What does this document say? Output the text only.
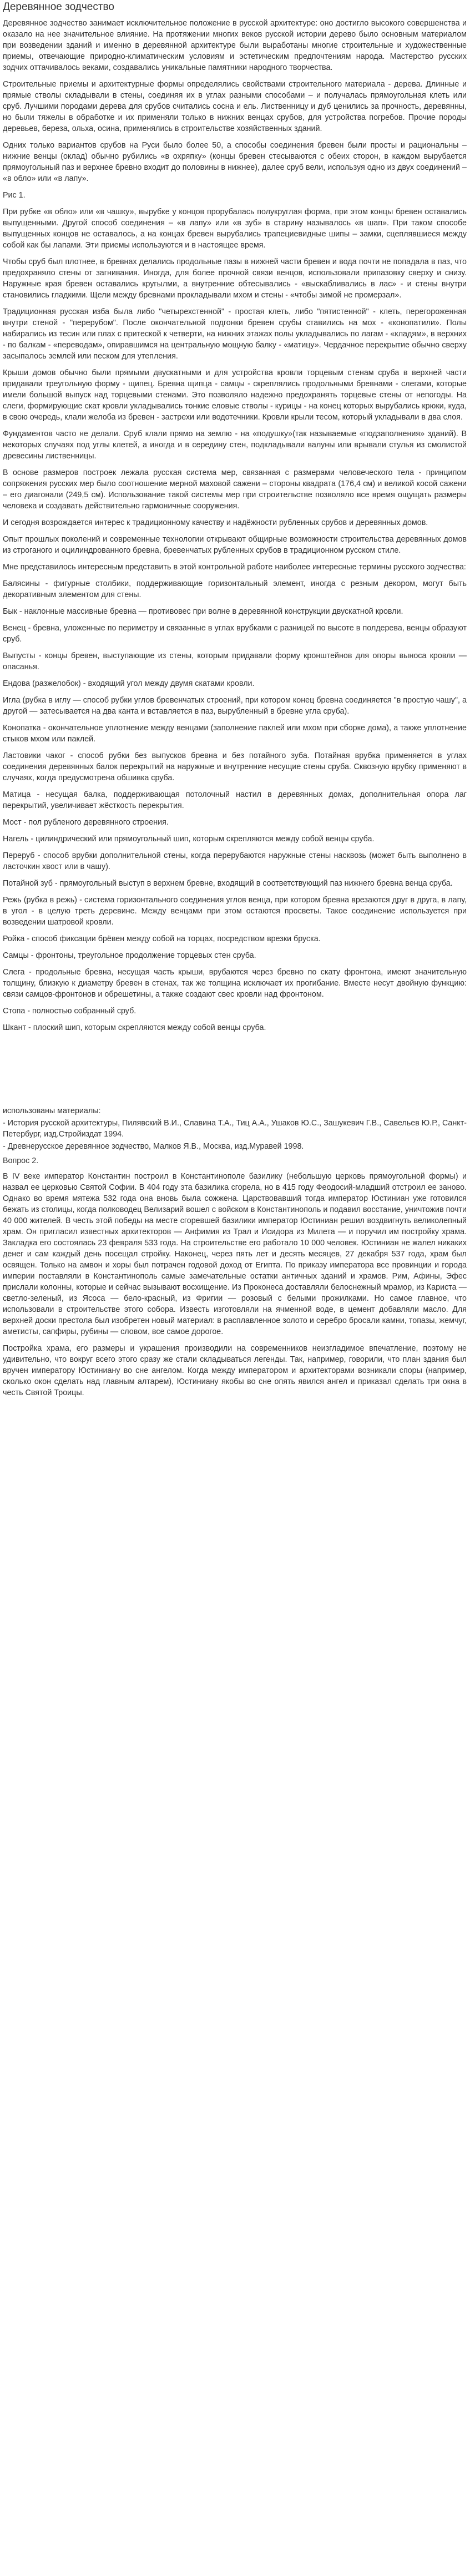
Деревянное зодчество

Деревянное зодчество занимает исключительное положение в русской архитектуре: оно достигло высокого совершенства и оказало на нее значительное влияние. На протяжении многих веков русской истории дерево было основным материалом при возведении зданий и именно в деревянной архитектуре были выработаны многие строительные и художественные приемы, отвечающие природно-климатическим условиям и эстетическим предпочтениям народа. Мастерство русских зодчих оттачивалось веками, создавались уникальные памятники народного творчества.

Строительные приемы и архитектурные формы определялись свойствами строительного материала - дерева. Длинные и прямые стволы складывали в стены, соединяя их в углах разными способами – и получалась прямоугольная клеть или сруб. Лучшими породами дерева для срубов считались сосна и ель. Лиственницу и дуб ценились за прочность, деревянны, но были тяжелы в обработке и их применяли только в нижних венцах срубов, для устройства погребов. Прочие породы деревьев, береза, ольха, осина, применялись в строительстве хозяйственных зданий.

Одних только вариантов срубов на Руси было более 50, а способы соединения бревен были просты и рациональны – нижние венцы (оклад) обычно рубились «в охряпку» (концы бревен стесываются с обеих сторон, в каждом вырубается прямоугольный паз и верхнее бревно входит до половины в нижнее), далее сруб вели, используя одно из двух соединений – «в обло» или «в лапу».

Рис 1.

При рубке «в обло» или «в чашку», вырубке у концов прорубалась полукруглая форма, при этом концы бревен оставались выпущенными. Другой способ соединения – «в лапу» или «в зуб» в старину называлось «в шап». При таком способе выпущенных концов не оставалось, а на концах бревен вырубались трапециевидные шипы – замки, сцеплявшиеся между собой как бы лапами. Эти приемы используются и в настоящее время.

Чтобы сруб был плотнее, в бревнах делались продольные пазы в нижней части бревен и вода почти не попадала в паз, что предохраняло стены от загнивания. Иногда, для более прочной связи венцов, использовали припазовку сверху и снизу. Наружные края бревен оставались кругылми, а внутренние обтесывались - «выскабливались в лас» - и стены внутри становились гладкими. Щели между бревнами прокладывали мхом и стены - «чтобы зимой не промерзал».

Традиционная русская изба была либо "четырехстенной" - простая клеть, либо "пятистенной" - клеть, перегороженная внутри стеной - "перерубом". После окончательной подгонки бревен срубы ставились на мох - «конопатили». Полы набирались из тесин или плах с притеской к четверти, на нижних этажах полы укладывались по лагам - «кладям», в верхних - по балкам - «переводам», опиравшимся на центральную мощную балку - «матицу». Чердачное перекрытие обычно сверху засыпалось землей или песком для утепления.

Крыши домов обычно были прямыми двускатными и для устройства кровли торцевым стенам сруба в верхней части придавали треугольную форму - щипец. Бревна щипца - самцы - скреплялись продольными бревнами - слегами, которые имели большой выпуск над торцевыми стенами. Это позволяло надежно предохранять торцевые стены от непогоды. На слеги, формирующие скат кровли укладывались тонкие еловые стволы - курицы - на конец которых вырубались крюки, куда, в свою очередь, клали желоба из бревен - застрехи или водотечники. Кровли крыли тесом, который укладывали в два слоя.

Фундаментов часто не делали. Сруб клали прямо на землю - на «подушку»(так называемые «подзаполнения» зданий). В некоторых случаях под углы клетей, а иногда и в середину стен, подкладывали валуны или врывали стулья из смолистой древесины лиственницы.

В основе размеров построек лежала русская система мер, связанная с размерами человеческого тела - принципом сопряжения русских мер было соотношение мерной маховой сажени – стороны квадрата (176,4 см) и великой косой сажени – его диагонали (249,5 см). Использование такой системы мер при строительстве позволяло все время ощущать размеры человека и создавать действительно гармоничные сооружения.

И сегодня возрождается интерес к традиционному качеству и надёжности рубленных срубов и деревянных домов.

Опыт прошлых поколений и современные технологии открывают общирные возможности строительства деревянных домов из строганого и оцилиндрованного бревна, бревенчатых рубленных срубов в традиционном русском стиле.

Мне представилось интересным представить в этой контрольной работе наиболее интересные термины русского зодчества:

Балясины - фигурные столбики, поддерживающие горизонтальный элемент, иногда с резным декором, могут быть декоративным элементом для стены.

Бык - наклонные массивные бревна — противовес при волне в деревянной конструкции двускатной кровли.

Венец - бревна, уложенные по периметру и связанные в углах врубками с разницей по высоте в полдерева, венцы образуют сруб.

Выпусты - концы бревен, выступающие из стены, которым придавали форму кронштейнов для опоры выноса кровли — опасанья.

Ендова (разжелобок) - входящий угол между двумя скатами кровли.

Игла (рубка в иглу — способ рубки углов бревенчатых строений, при котором конец бревна соединяется "в простую чашу", а другой — затесывается на два канта и вставляется в паз, вырубленный в бревне угла сруба).

Конопатка - окончательное уплотнение между венцами (заполнение паклей или мхом при сборке дома), а также уплотнение стыков мхом или паклей.

Ластовики чаког - способ рубки без выпусков бревна и без потайного зуба. Потайная врубка применяется в углах соединения деревянных балок перекрытий на наружные и внутренние несущие стены сруба. Сквозную врубку применяют в случаях, когда предусмотрена обшивка сруба.

Матица - несущая балка, поддерживающая потолочный настил в деревянных домах, дополнительная опора лаг перекрытий, увеличивает жёсткость перекрытия.

Мост - пол рубленого деревянного строения.

Нагель - цилиндрический или прямоугольный шип, которым скрепляются между собой венцы сруба.

Переруб - способ врубки дополнительной стены, когда перерубаются наружные стены насквозь (может быть выполнено в ласточкин хвост или в чашу).

Потайной зуб - прямоугольный выступ в верхнем бревне, входящий в соответствующий паз нижнего бревна венца сруба.

Режь (рубка в режь) - система горизонтального соединения углов венца, при котором бревна врезаются друг в друга, в лапу, в угол - в целую треть деревине. Между венцами при этом остаются просветы. Такое соединение используется при возведении шатровой кровли.

Ройка - способ фиксации брёвен между собой на торцах, посредством врезки бруска.

Самцы - фронтоны, треугольное продолжение торцевых стен сруба.

Слега - продольные бревна, несущая часть крыши, врубаются через бревно по скату фронтона, имеют значительную толщину, близкую к диаметру бревен в стенах, так же толщина исключает их прогибание. Вместе несут двойную функцию: связи самцов-фронтонов и обрешетины, а также создают свес кровли над фронтоном.

Стопа - полностью собранный сруб.

Шкант - плоский шип, которым скрепляются между собой венцы сруба.

использованы материалы:

- История русской архитектуры, Пилявский В.И., Славина Т.А., Тиц А.А., Ушаков Ю.С., Зашукевич Г.В., Савельев Ю.Р., Санкт-Петербург, изд.Стройиздат 1994.

- Древнерусское деревянное зодчество, Малков Я.В., Москва, изд.Муравей 1998.

Вопрос 2.

В IV веке император Константин построил в Константинополе базилику (небольшую церковь прямоугольной формы) и назвал ее церковью Святой Софии. В 404 году эта базилика сгорела, но в 415 году Феодосий-младший отстроил ее заново. Однако во время мятежа 532 года она вновь была сожжена. Царствовавший тогда император Юстиниан уже готовился бежать из столицы, когда полководец Велизарий вошел с войском в Константинополь и подавил восстание, уничтожив почти 40 000 жителей. В честь этой победы на месте сгоревшей базилики император Юстиниан решил воздвигнуть великолепный храм. Он пригласил известных архитекторов — Анфимия из Трал и Исидора из Милета — и поручил им постройку храма. Закладка его состоялась 23 февраля 533 года. На строительстве его работало 10 000 человек. Юстиниан не жалел никаких денег и сам каждый день посещал стройку. Наконец, через пять лет и десять месяцев, 27 декабря 537 года, храм был освящен. Только на амвон и хоры был потрачен годовой доход от Египта. По приказу императора все провинции и города империи поставляли в Константинополь самые замечательные остатки античных зданий и храмов. Рим, Афины, Эфес прислали колонны, которые и сейчас вызывают восхищение. Из Проконеса доставляли белоснежный мрамор, из Кариста — светло-зеленый, из Ясоса — бело-красный, из Фригии — розовый с белыми прожилками. Но самое главное, что использовали в строительстве этого собора. Известь изготовляли на ячменной воде, в цемент добавляли масло. Для верхней доски престола был изобретен новый материал: в расплавленное золото и серебро бросали камни, топазы, жемчуг, аметисты, сапфиры, рубины — словом, все самое дорогое.

Постройка храма, его размеры и украшения производили на современников неизгладимое впечатление, поэтому не удивительно, что вокруг всего этого сразу же стали складываться легенды. Так, например, говорили, что план здания был вручен императору Юстиниану во сне ангелом. Когда между императором и архитекторами возникали споры (например, сколько окон сделать над главным алтарем), Юстиниану якобы во сне опять явился ангел и приказал сделать три окна в честь Святой Троицы.
